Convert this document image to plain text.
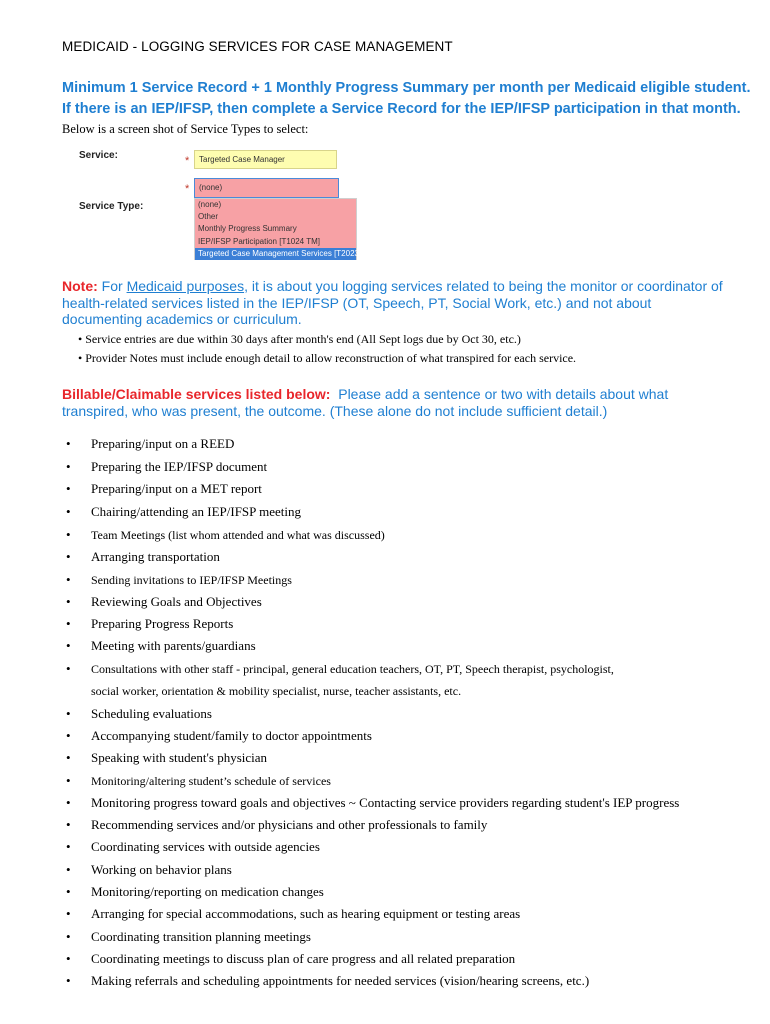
MEDICAID - LOGGING SERVICES FOR CASE MANAGEMENT
Minimum 1 Service Record + 1 Monthly Progress Summary per month per Medicaid eligible student.
If there is an IEP/IFSP, then complete a Service Record for the IEP/IFSP participation in that month.
Below is a screen shot of Service Types to select:
Service:	*	Targeted Case Manager
*	(none)
Service Type:	(none)
Other
Monthly Progress Summary
IEP/IFSP Participation [T1024 TM]
Targeted Case Management Services [T2023]
Note: For Medicaid purposes, it is about you logging services related to being the monitor or coordinator of health-related services listed in the IEP/IFSP (OT, Speech, PT, Social Work, etc.) and not about documenting academics or curriculum.
• Service entries are due within 30 days after month's end (All Sept logs due by Oct 30, etc.)
• Provider Notes must include enough detail to allow reconstruction of what transpired for each service.
Billable/Claimable services listed below: Please add a sentence or two with details about what transpired, who was present, the outcome. (These alone do not include sufficient detail.)
• Preparing/input on a REED
• Preparing the IEP/IFSP document
• Preparing/input on a MET report
• Chairing/attending an IEP/IFSP meeting
• Team Meetings (list whom attended and what was discussed)
• Arranging transportation
• Sending invitations to IEP/IFSP Meetings
• Reviewing Goals and Objectives
• Preparing Progress Reports
• Meeting with parents/guardians
• Consultations with other staff - principal, general education teachers, OT, PT, Speech therapist, psychologist,
social worker, orientation & mobility specialist, nurse, teacher assistants, etc.
• Scheduling evaluations
• Accompanying student/family to doctor appointments
• Speaking with student's physician
• Monitoring/altering student’s schedule of services
• Monitoring progress toward goals and objectives ~ Contacting service providers regarding student's IEP progress
• Recommending services and/or physicians and other professionals to family
• Coordinating services with outside agencies
• Working on behavior plans
• Monitoring/reporting on medication changes
• Arranging for special accommodations, such as hearing equipment or testing areas
• Coordinating transition planning meetings
• Coordinating meetings to discuss plan of care progress and all related preparation
• Making referrals and scheduling appointments for needed services (vision/hearing screens, etc.)
